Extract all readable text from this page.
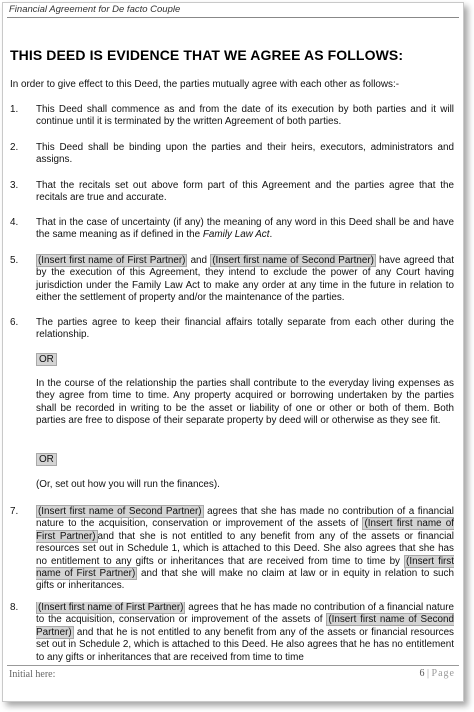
Financial Agreement for De facto Couple
THIS DEED IS EVIDENCE THAT WE AGREE AS FOLLOWS:
In order to give effect to this Deed, the parties mutually agree with each other as follows:-
1.	This Deed shall commence as and from the date of its execution by both parties and it will continue until it is terminated by the written Agreement of both parties.
2.	This Deed shall be binding upon the parties and their heirs, executors, administrators and assigns.
3.	That the recitals set out above form part of this Agreement and the parties agree that the recitals are true and accurate.
4.	That in the case of uncertainty (if any) the meaning of any word in this Deed shall be and have the same meaning as if defined in the Family Law Act.
5.	(Insert first name of First Partner) and (Insert first name of Second Partner) have agreed that by the execution of this Agreement, they intend to exclude the power of any Court having jurisdiction under the Family Law Act to make any order at any time in the future in relation to either the settlement of property and/or the maintenance of the parties.
6.	The parties agree to keep their financial affairs totally separate from each other during the relationship.
OR
In the course of the relationship the parties shall contribute to the everyday living expenses as they agree from time to time. Any property acquired or borrowing undertaken by the parties shall be recorded in writing to be the asset or liability of one or other or both of them. Both parties are free to dispose of their separate property by deed will or otherwise as they see fit.
OR
(Or, set out how you will run the finances).
7.	(Insert first name of Second Partner) agrees that she has made no contribution of a financial nature to the acquisition, conservation or improvement of the assets of (Insert first name of First Partner) and that she is not entitled to any benefit from any of the assets or financial resources set out in Schedule 1, which is attached to this Deed. She also agrees that she has no entitlement to any gifts or inheritances that are received from time to time by (Insert first name of First Partner) and that she will make no claim at law or in equity in relation to such gifts or inheritances.
8.	(Insert first name of First Partner) agrees that he has made no contribution of a financial nature to the acquisition, conservation or improvement of the assets of (Insert first name of Second Partner) and that he is not entitled to any benefit from any of the assets or financial resources set out in Schedule 2, which is attached to this Deed. He also agrees that he has no entitlement to any gifts or inheritances that are received from time to time
Initial here:	6 | Page
